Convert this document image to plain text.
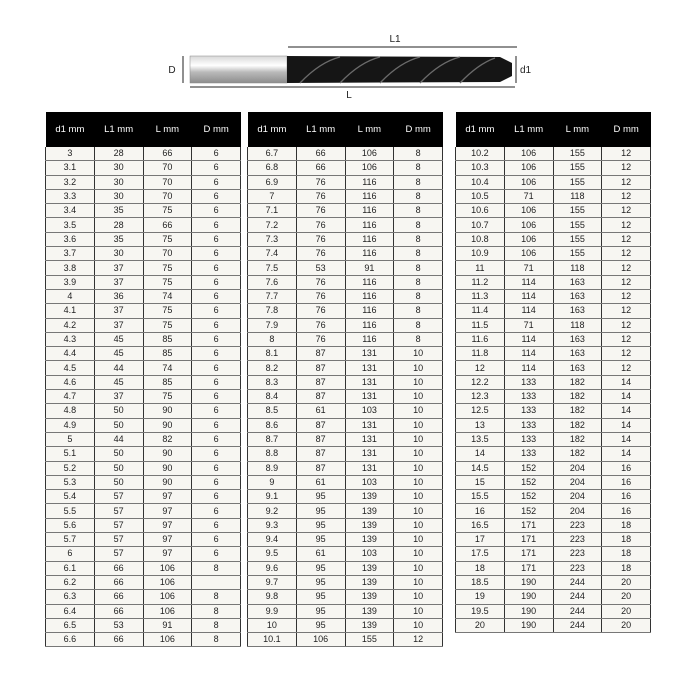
L1
D	d1
L
d1 mm	L1 mm	L mm	D mm
3	28	66	6
3.1	30	70	6
3.2	30	70	6
3.3	30	70	6
3.4	35	75	6
3.5	28	66	6
3.6	35	75	6
3.7	30	70	6
3.8	37	75	6
3.9	37	75	6
4	36	74	6
4.1	37	75	6
4.2	37	75	6
4.3	45	85	6
4.4	45	85	6
4.5	44	74	6
4.6	45	85	6
4.7	37	75	6
4.8	50	90	6
4.9	50	90	6
5	44	82	6
5.1	50	90	6
5.2	50	90	6
5.3	50	90	6
5.4	57	97	6
5.5	57	97	6
5.6	57	97	6
5.7	57	97	6
6	57	97	6
6.1	66	106	8
6.2	66	106	
6.3	66	106	8
6.4	66	106	8
6.5	53	91	8
6.6	66	106	8
d1 mm	L1 mm	L mm	D mm
6.7	66	106	8
6.8	66	106	8
6.9	76	116	8
7	76	116	8
7.1	76	116	8
7.2	76	116	8
7.3	76	116	8
7.4	76	116	8
7.5	53	91	8
7.6	76	116	8
7.7	76	116	8
7.8	76	116	8
7.9	76	116	8
8	76	116	8
8.1	87	131	10
8.2	87	131	10
8.3	87	131	10
8.4	87	131	10
8.5	61	103	10
8.6	87	131	10
8.7	87	131	10
8.8	87	131	10
8.9	87	131	10
9	61	103	10
9.1	95	139	10
9.2	95	139	10
9.3	95	139	10
9.4	95	139	10
9.5	61	103	10
9.6	95	139	10
9.7	95	139	10
9.8	95	139	10
9.9	95	139	10
10	95	139	10
10.1	106	155	12
d1 mm	L1 mm	L mm	D mm
10.2	106	155	12
10.3	106	155	12
10.4	106	155	12
10.5	71	118	12
10.6	106	155	12
10.7	106	155	12
10.8	106	155	12
10.9	106	155	12
11	71	118	12
11.2	114	163	12
11.3	114	163	12
11.4	114	163	12
11.5	71	118	12
11.6	114	163	12
11.8	114	163	12
12	114	163	12
12.2	133	182	14
12.3	133	182	14
12.5	133	182	14
13	133	182	14
13.5	133	182	14
14	133	182	14
14.5	152	204	16
15	152	204	16
15.5	152	204	16
16	152	204	16
16.5	171	223	18
17	171	223	18
17.5	171	223	18
18	171	223	18
18.5	190	244	20
19	190	244	20
19.5	190	244	20
20	190	244	20
